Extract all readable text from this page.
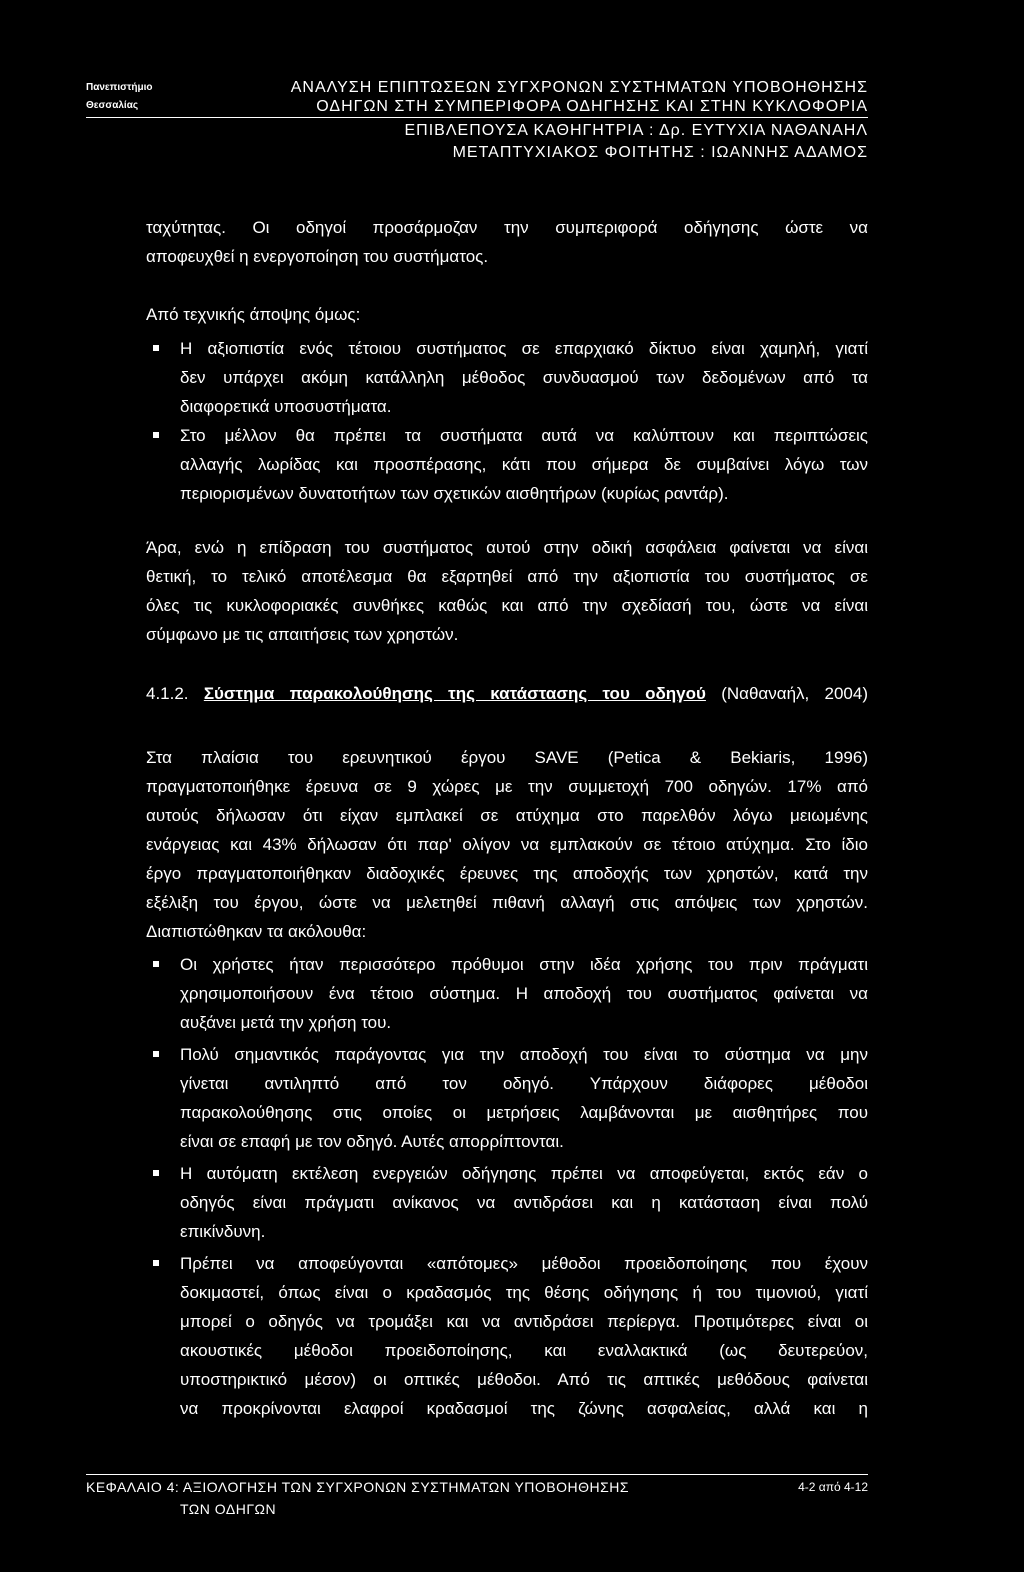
Πανεπιστήμιο
Θεσσαλίας
ΑΝΑΛΥΣΗ ΕΠΙΠΤΩΣΕΩΝ ΣΥΓΧΡΟΝΩΝ ΣΥΣΤΗΜΑΤΩΝ ΥΠΟΒΟΗΘΗΣΗΣ
ΟΔΗΓΩΝ ΣΤΗ ΣΥΜΠΕΡΙΦΟΡΑ ΟΔΗΓΗΣΗΣ ΚΑΙ ΣΤΗΝ ΚΥΚΛΟΦΟΡΙΑ
ΕΠΙΒΛΕΠΟΥΣΑ ΚΑΘΗΓΗΤΡΙΑ : Δρ. ΕΥΤΥΧΙΑ ΝΑΘΑΝΑΗΛ
ΜΕΤΑΠΤΥΧΙΑΚΟΣ ΦΟΙΤΗΤΗΣ : ΙΩΑΝΝΗΣ ΑΔΑΜΟΣ
ταχύτητας. Οι οδηγοί προσάρμοζαν την συμπεριφορά οδήγησης ώστε να
αποφευχθεί η ενεργοποίηση του συστήματος.
Από τεχνικής άποψης όμως:
Η αξιοπιστία ενός τέτοιου συστήματος σε επαρχιακό δίκτυο είναι χαμηλή, γιατί
δεν υπάρχει ακόμη κατάλληλη μέθοδος συνδυασμού των δεδομένων από τα
διαφορετικά υποσυστήματα.
Στο μέλλον θα πρέπει τα συστήματα αυτά να καλύπτουν και περιπτώσεις
αλλαγής λωρίδας και προσπέρασης, κάτι που σήμερα δε συμβαίνει λόγω των
περιορισμένων δυνατοτήτων των σχετικών αισθητήρων (κυρίως ραντάρ).
Άρα, ενώ η επίδραση του συστήματος αυτού στην οδική ασφάλεια φαίνεται να είναι
θετική, το τελικό αποτέλεσμα θα εξαρτηθεί από την αξιοπιστία του συστήματος σε
όλες τις κυκλοφοριακές συνθήκες καθώς και από την σχεδίασή του, ώστε να είναι
σύμφωνο με τις απαιτήσεις των χρηστών.
4.1.2. Σύστημα παρακολούθησης της κατάστασης του οδηγού (Ναθαναήλ, 2004)
Στα πλαίσια του ερευνητικού έργου SAVE (Petica & Bekiaris, 1996)
πραγματοποιήθηκε έρευνα σε 9 χώρες με την συμμετοχή 700 οδηγών. 17% από
αυτούς δήλωσαν ότι είχαν εμπλακεί σε ατύχημα στο παρελθόν λόγω μειωμένης
ενάργειας και 43% δήλωσαν ότι παρ' ολίγον να εμπλακούν σε τέτοιο ατύχημα. Στο ίδιο
έργο πραγματοποιήθηκαν διαδοχικές έρευνες της αποδοχής των χρηστών, κατά την
εξέλιξη του έργου, ώστε να μελετηθεί πιθανή αλλαγή στις απόψεις των χρηστών.
Διαπιστώθηκαν τα ακόλουθα:
Οι χρήστες ήταν περισσότερο πρόθυμοι στην ιδέα χρήσης του πριν πράγματι
χρησιμοποιήσουν ένα τέτοιο σύστημα. Η αποδοχή του συστήματος φαίνεται να
αυξάνει μετά την χρήση του.
Πολύ σημαντικός παράγοντας για την αποδοχή του είναι το σύστημα να μην
γίνεται αντιληπτό από τον οδηγό. Υπάρχουν διάφορες μέθοδοι
παρακολούθησης στις οποίες οι μετρήσεις λαμβάνονται με αισθητήρες που
είναι σε επαφή με τον οδηγό. Αυτές απορρίπτονται.
Η αυτόματη εκτέλεση ενεργειών οδήγησης πρέπει να αποφεύγεται, εκτός εάν ο
οδηγός είναι πράγματι ανίκανος να αντιδράσει και η κατάσταση είναι πολύ
επικίνδυνη.
Πρέπει να αποφεύγονται «απότομες» μέθοδοι προειδοποίησης που έχουν
δοκιμαστεί, όπως είναι ο κραδασμός της θέσης οδήγησης ή του τιμονιού, γιατί
μπορεί ο οδηγός να τρομάξει και να αντιδράσει περίεργα. Προτιμότερες είναι οι
ακουστικές μέθοδοι προειδοποίησης, και εναλλακτικά (ως δευτερεύον,
υποστηρικτικό μέσον) οι οπτικές μέθοδοι. Από τις απτικές μεθόδους φαίνεται
να προκρίνονται ελαφροί κραδασμοί της ζώνης ασφαλείας, αλλά και η
ΚΕΦΑΛΑΙΟ 4: ΑΞΙΟΛΟΓΗΣΗ ΤΩΝ ΣΥΓΧΡΟΝΩΝ ΣΥΣΤΗΜΑΤΩΝ ΥΠΟΒΟΗΘΗΣΗΣ
ΤΩΝ ΟΔΗΓΩΝ
4-2 από 4-12
